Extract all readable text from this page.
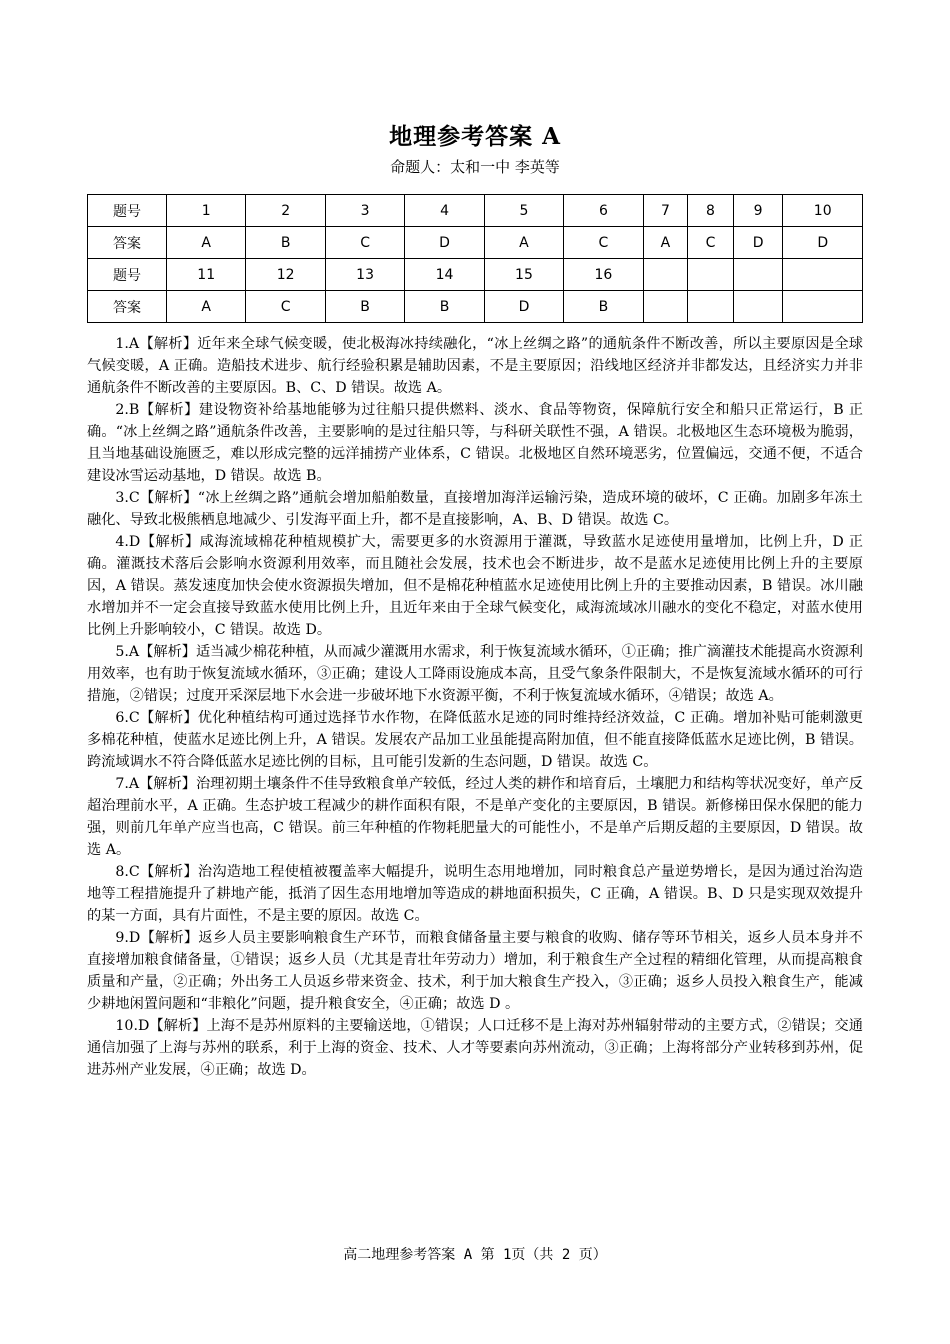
地理参考答案 A
命题人：太和一中 李英等
题号	1	2	3	4	5	6	7	8	9	10
答案	A	B	C	D	A	C	A	C	D	D
题号	11	12	13	14	15	16				
答案	A	C	B	B	D	B				

1.A【解析】近年来全球气候变暖，使北极海冰持续融化，“冰上丝绸之路”的通航条件不断改善，所以主要原因是全球气候变暖，A 正确。造船技术进步、航行经验积累是辅助因素，不是主要原因；沿线地区经济并非都发达，且经济实力并非通航条件不断改善的主要原因。B、C、D 错误。故选 A。

2.B【解析】建设物资补给基地能够为过往船只提供燃料、淡水、食品等物资，保障航行安全和船只正常运行，B 正确。“冰上丝绸之路”通航条件改善，主要影响的是过往船只等，与科研关联性不强，A 错误。北极地区生态环境极为脆弱，且当地基础设施匮乏，难以形成完整的远洋捕捞产业体系，C 错误。北极地区自然环境恶劣，位置偏远，交通不便，不适合建设冰雪运动基地，D 错误。故选 B。

3.C【解析】“冰上丝绸之路”通航会增加船舶数量，直接增加海洋运输污染，造成环境的破坏，C 正确。加剧多年冻土融化、导致北极熊栖息地减少、引发海平面上升，都不是直接影响，A、B、D 错误。故选 C。

4.D【解析】咸海流域棉花种植规模扩大，需要更多的水资源用于灌溉，导致蓝水足迹使用量增加，比例上升，D 正确。灌溉技术落后会影响水资源利用效率，而且随社会发展，技术也会不断进步，故不是蓝水足迹使用比例上升的主要原因，A 错误。蒸发速度加快会使水资源损失增加，但不是棉花种植蓝水足迹使用比例上升的主要推动因素，B 错误。冰川融水增加并不一定会直接导致蓝水使用比例上升，且近年来由于全球气候变化，咸海流域冰川融水的变化不稳定，对蓝水使用比例上升影响较小，C 错误。故选 D。

5.A【解析】适当减少棉花种植，从而减少灌溉用水需求，利于恢复流域水循环，①正确；推广滴灌技术能提高水资源利用效率，也有助于恢复流域水循环，③正确；建设人工降雨设施成本高，且受气象条件限制大，不是恢复流域水循环的可行措施，②错误；过度开采深层地下水会进一步破坏地下水资源平衡，不利于恢复流域水循环，④错误；故选 A。

6.C【解析】优化种植结构可通过选择节水作物，在降低蓝水足迹的同时维持经济效益，C 正确。增加补贴可能刺激更多棉花种植，使蓝水足迹比例上升，A 错误。发展农产品加工业虽能提高附加值，但不能直接降低蓝水足迹比例，B 错误。跨流域调水不符合降低蓝水足迹比例的目标，且可能引发新的生态问题，D 错误。故选 C。

7.A【解析】治理初期土壤条件不佳导致粮食单产较低，经过人类的耕作和培育后，土壤肥力和结构等状况变好，单产反超治理前水平，A 正确。生态护坡工程减少的耕作面积有限，不是单产变化的主要原因，B 错误。新修梯田保水保肥的能力强，则前几年单产应当也高，C 错误。前三年种植的作物耗肥量大的可能性小，不是单产后期反超的主要原因，D 错误。故选 A。

8.C【解析】治沟造地工程使植被覆盖率大幅提升，说明生态用地增加，同时粮食总产量逆势增长，是因为通过治沟造地等工程措施提升了耕地产能，抵消了因生态用地增加等造成的耕地面积损失，C 正确，A 错误。B、D 只是实现双效提升的某一方面，具有片面性，不是主要的原因。故选 C。

9.D【解析】返乡人员主要影响粮食生产环节，而粮食储备量主要与粮食的收购、储存等环节相关，返乡人员本身并不直接增加粮食储备量，①错误；返乡人员（尤其是青壮年劳动力）增加，利于粮食生产全过程的精细化管理，从而提高粮食质量和产量，②正确；外出务工人员返乡带来资金、技术，利于加大粮食生产投入，③正确；返乡人员投入粮食生产，能减少耕地闲置问题和“非粮化”问题，提升粮食安全，④正确；故选 D 。

10.D【解析】上海不是苏州原料的主要输送地，①错误；人口迁移不是上海对苏州辐射带动的主要方式，②错误；交通通信加强了上海与苏州的联系，利于上海的资金、技术、人才等要素向苏州流动，③正确；上海将部分产业转移到苏州，促进苏州产业发展，④正确；故选 D。

高二地理参考答案 A 第 1页（共 2 页）
